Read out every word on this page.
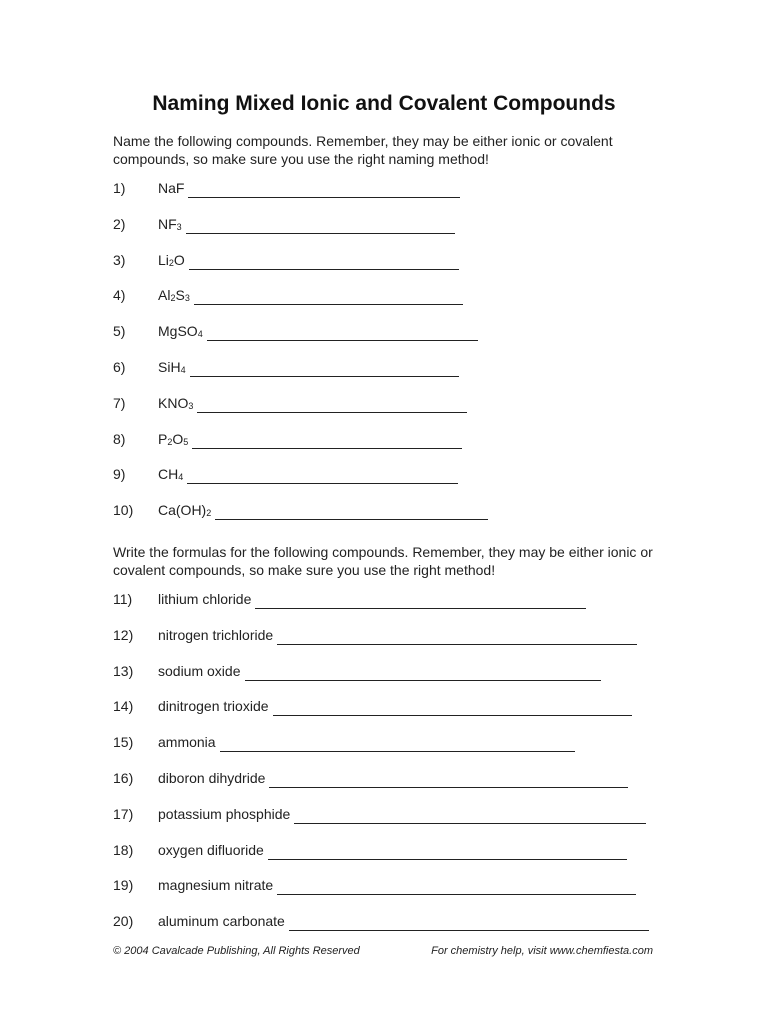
Naming Mixed Ionic and Covalent Compounds
Name the following compounds. Remember, they may be either ionic or covalent compounds, so make sure you use the right naming method!
1) NaF
2) $NF_3$
3) $Li_2O$
4) $Al_2S_3$
5) MgSO$_4$
6) SiH$_4$
7) $KNO_3$
8) $P_2O_5$
9) $CH_4$
10) $Ca(OH)_2$
Write the formulas for the following compounds. Remember, they may be either ionic or covalent compounds, so make sure you use the right method!
11) lithium chloride
12) nitrogen trichloride
13) sodium oxide
14) dinitrogen trioxide
15) ammonia
16) diboron dihydride
17) potassium phosphide
18) oxygen difluoride
19) magnesium nitrate
20) aluminum carbonate
© 2004 Cavalcade Publishing, All Rights Reserved	For chemistry help, visit www.chemfiesta.com
